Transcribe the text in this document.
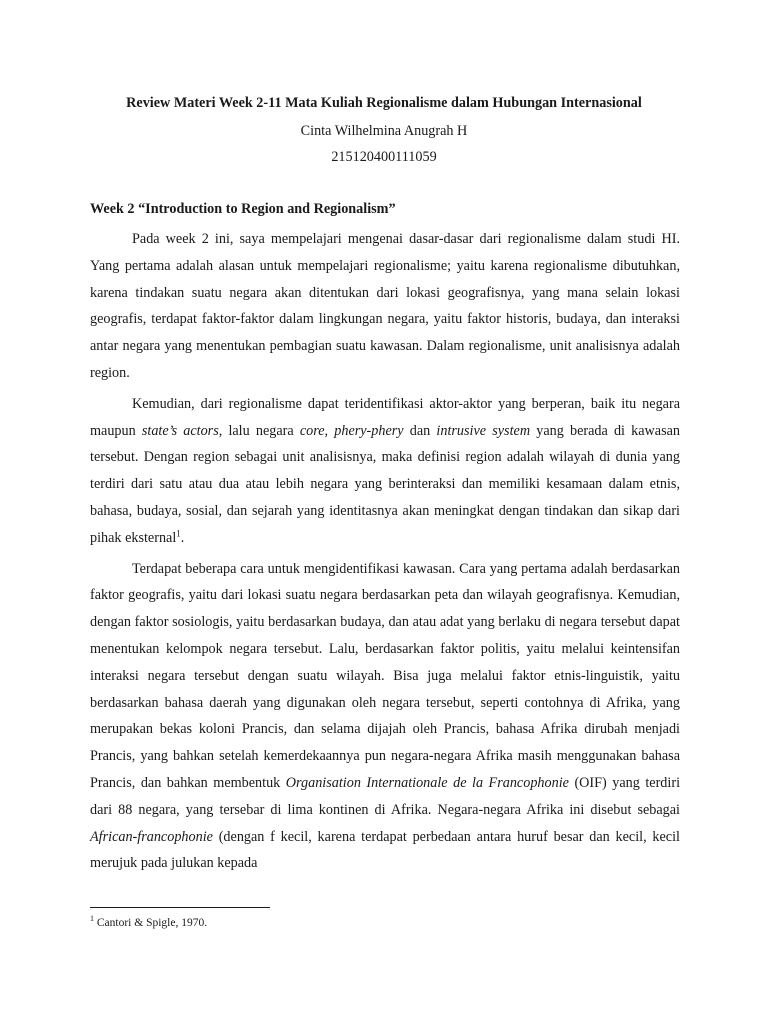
Review Materi Week 2-11 Mata Kuliah Regionalisme dalam Hubungan Internasional
Cinta Wilhelmina Anugrah H
215120400111059
Week 2 “Introduction to Region and Regionalism”

Pada week 2 ini, saya mempelajari mengenai dasar-dasar dari regionalisme dalam studi HI. Yang pertama adalah alasan untuk mempelajari regionalisme; yaitu karena regionalisme dibutuhkan, karena tindakan suatu negara akan ditentukan dari lokasi geografisnya, yang mana selain lokasi geografis, terdapat faktor-faktor dalam lingkungan negara, yaitu faktor historis, budaya, dan interaksi antar negara yang menentukan pembagian suatu kawasan. Dalam regionalisme, unit analisisnya adalah region.

Kemudian, dari regionalisme dapat teridentifikasi aktor-aktor yang berperan, baik itu negara maupun state’s actors, lalu negara core, phery-phery dan intrusive system yang berada di kawasan tersebut. Dengan region sebagai unit analisisnya, maka definisi region adalah wilayah di dunia yang terdiri dari satu atau dua atau lebih negara yang berinteraksi dan memiliki kesamaan dalam etnis, bahasa, budaya, sosial, dan sejarah yang identitasnya akan meningkat dengan tindakan dan sikap dari pihak eksternal$^1$.

Terdapat beberapa cara untuk mengidentifikasi kawasan. Cara yang pertama adalah berdasarkan faktor geografis, yaitu dari lokasi suatu negara berdasarkan peta dan wilayah geografisnya. Kemudian, dengan faktor sosiologis, yaitu berdasarkan budaya, dan atau adat yang berlaku di negara tersebut dapat menentukan kelompok negara tersebut. Lalu, berdasarkan faktor politis, yaitu melalui keintensifan interaksi negara tersebut dengan suatu wilayah. Bisa juga melalui faktor etnis-linguistik, yaitu berdasarkan bahasa daerah yang digunakan oleh negara tersebut, seperti contohnya di Afrika, yang merupakan bekas koloni Prancis, dan selama dijajah oleh Prancis, bahasa Afrika dirubah menjadi Prancis, yang bahkan setelah kemerdekaannya pun negara-negara Afrika masih menggunakan bahasa Prancis, dan bahkan membentuk Organisation Internationale de la Francophonie (OIF) yang terdiri dari 88 negara, yang tersebar di lima kontinen di Afrika. Negara-negara Afrika ini disebut sebagai African-francophonie (dengan f kecil, karena terdapat perbedaan antara huruf besar dan kecil, kecil merujuk pada julukan kepada

$^1$ Cantori & Spigle, 1970.
